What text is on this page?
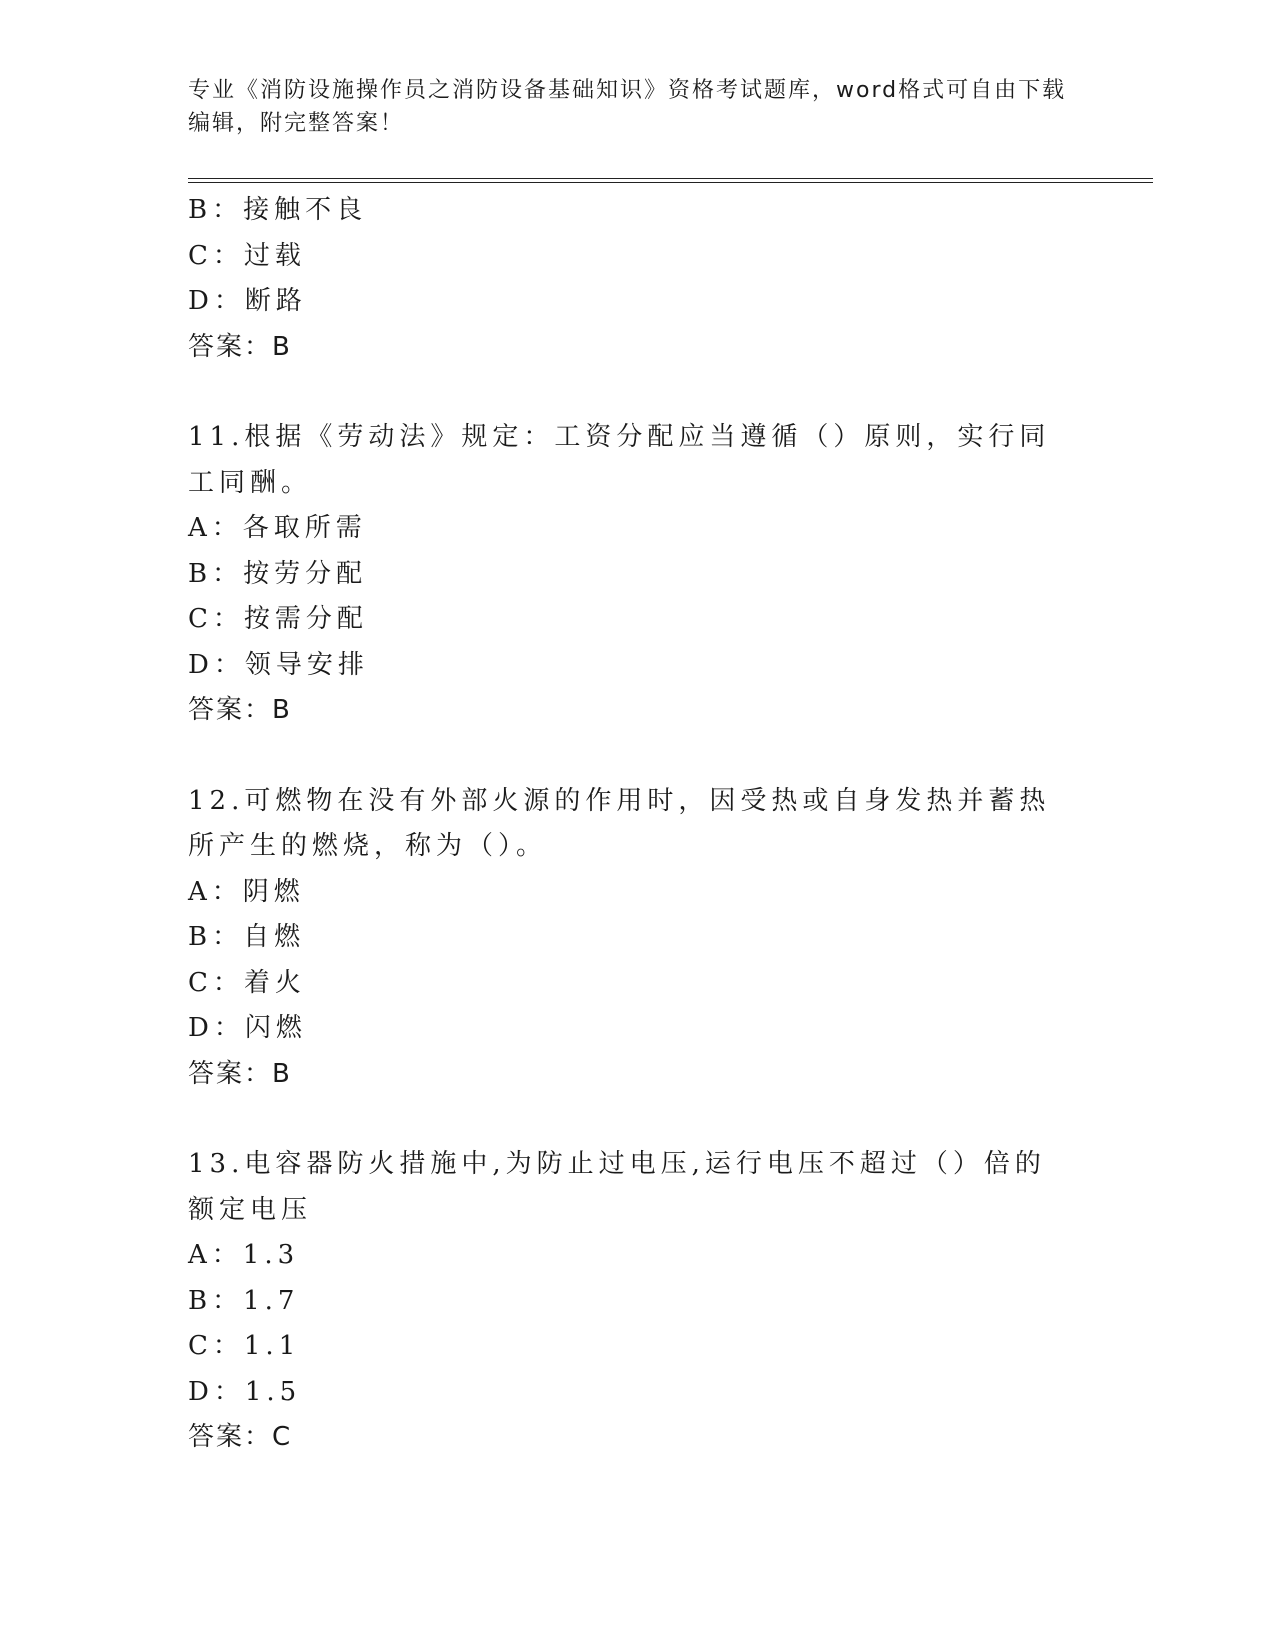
专业《消防设施操作员之消防设备基础知识》资格考试题库，word格式可自由下载编辑，附完整答案！
B：接触不良
C：过载
D：断路
答案：B
11.根据《劳动法》规定：工资分配应当遵循（）原则，实行同工同酬。
A：各取所需
B：按劳分配
C：按需分配
D：领导安排
答案：B
12.可燃物在没有外部火源的作用时，因受热或自身发热并蓄热所产生的燃烧，称为（）。
A：阴燃
B：自燃
C：着火
D：闪燃
答案：B
13.电容器防火措施中,为防止过电压,运行电压不超过（）倍的额定电压
A：1.3
B：1.7
C：1.1
D：1.5
答案：C
